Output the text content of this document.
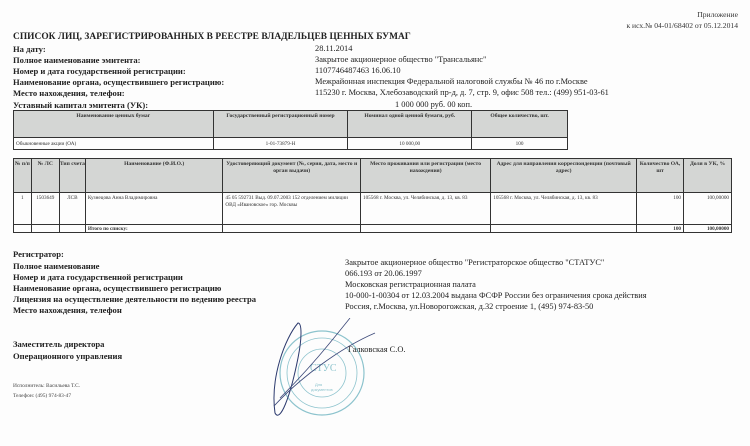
Приложение
к исх.№ 04-01/68402 от 05.12.2014
СПИСОК ЛИЦ, ЗАРЕГИСТРИРОВАННЫХ В РЕЕСТРЕ ВЛАДЕЛЬЦЕВ ЦЕННЫХ БУМАГ
На дату:	28.11.2014
Полное наименование эмитента:	Закрытое акционерное общество "Трансальянс"
Номер и дата государственной регистрации:	1107746487463 16.06.10
Наименование органа, осуществившего регистрацию:	Межрайонная инспекция Федеральной налоговой службы № 46 по г.Москве
Место нахождения, телефон:	115230 г. Москва, Хлебозаводский пр-д, д. 7, стр. 9, офис 508 тел.: (499) 951-03-61
Уставный капитал эмитента (УК):	1 000 000 руб. 00 коп.
Наименование ценных бумаг	Государственный регистрационный номер	Номинал одной ценной бумаги, руб.	Общее количество, шт.
Обыкновенные акции (ОА)	1-01-73879-Н	10 000,00	100
№ п/п	№ ЛС	Тип счета	Наименование (Ф.И.О.)	Удостоверяющий документ (№, серия, дата, место и орган выдачи)	Место проживания или регистрации (место нахождения)	Адрес для направления корреспонденции (почтовый адрес)	Количество ОА, шт	Доля в УК, %
1	1503649	ЛСВ	Кузнецова Анна Владимировна	45 05 592731 Выд. 09.07.2003 152 отделением милиции ОВД «Ивановское» гор. Москвы	105568 г. Москва, ул. Челябинская, д. 13, кв. 83	105568 г. Москва, ул. Челябинская, д. 13, кв. 83	100	100,00000
			Итого по списку:				100	100,00000
Регистратор:
Полное наименование	Закрытое акционерное общество "Регистраторское общество "СТАТУС"
Номер и дата государственной регистрации	066.193 от 20.06.1997
Наименование органа, осуществившего регистрацию	Московская регистрационная палата
Лицензия на осуществление деятельности по ведению реестра	10-000-1-00304 от 12.03.2004 выдана ФСФР России без ограничения срока действия
Место нахождения, телефон	Россия, г.Москва, ул.Новорогожская, д.32 строение 1, (495) 974-83-50
Заместитель директора
Операционного управления
СТУС
Для
документов
Галковская С.О.
Исполнитель: Васильева Т.С.
Телефон: (495) 974-83-47
